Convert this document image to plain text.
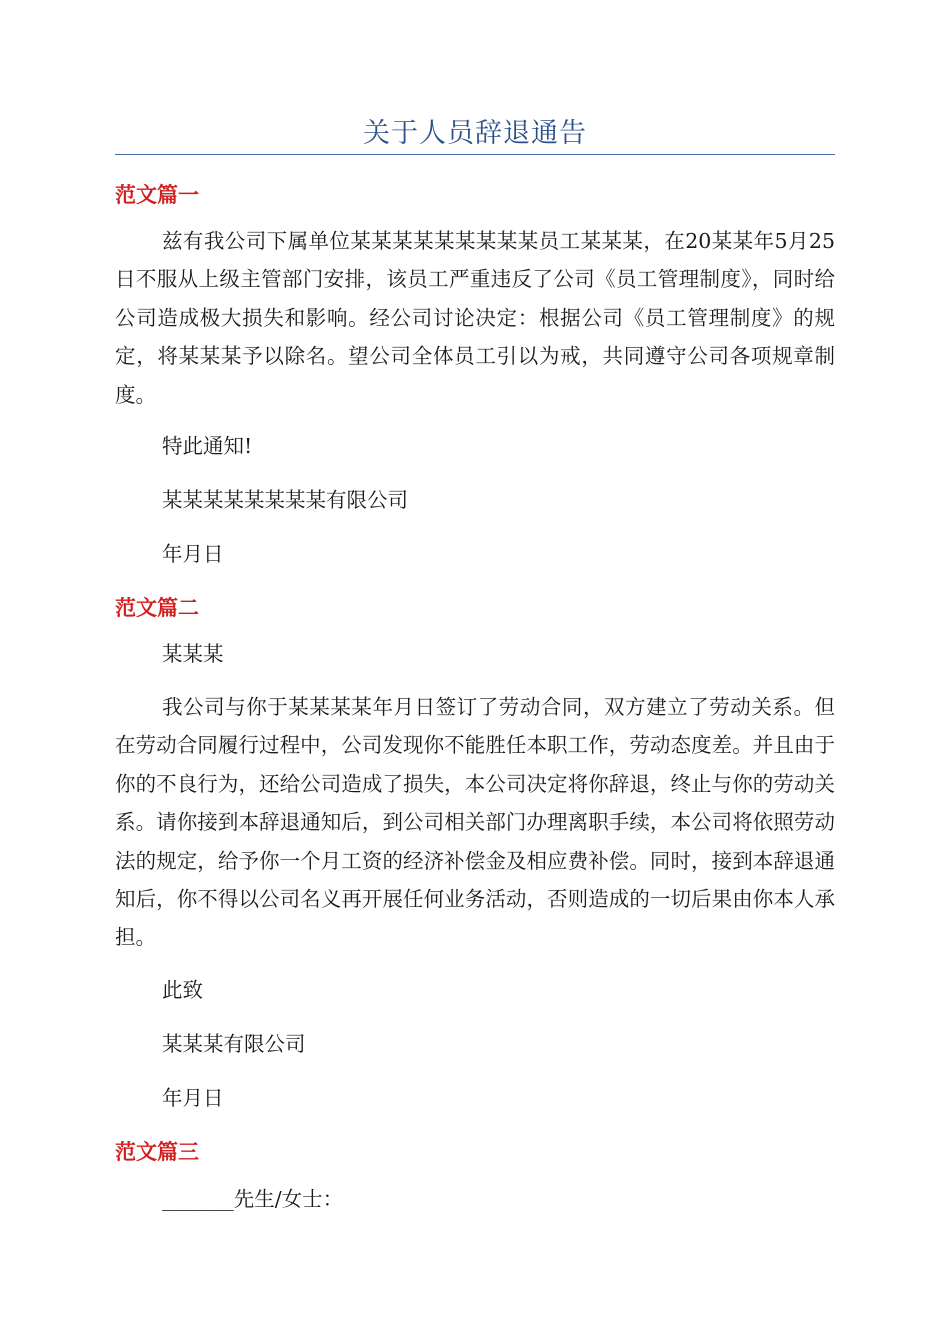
关于人员辞退通告
范文篇一
兹有我公司下属单位某某某某某某某某某员工某某某，在20某某年5月25日不服从上级主管部门安排，该员工严重违反了公司《员工管理制度》，同时给公司造成极大损失和影响。经公司讨论决定：根据公司《员工管理制度》的规定，将某某某予以除名。望公司全体员工引以为戒，共同遵守公司各项规章制度。
特此通知!
某某某某某某某某有限公司
年月日
范文篇二
某某某
我公司与你于某某某某年月日签订了劳动合同，双方建立了劳动关系。但在劳动合同履行过程中，公司发现你不能胜任本职工作，劳动态度差。并且由于你的不良行为，还给公司造成了损失，本公司决定将你辞退，终止与你的劳动关系。请你接到本辞退通知后，到公司相关部门办理离职手续，本公司将依照劳动法的规定，给予你一个月工资的经济补偿金及相应费补偿。同时，接到本辞退通知后，你不得以公司名义再开展任何业务活动，否则造成的一切后果由你本人承担。
此致
某某某有限公司
年月日
范文篇三
_______先生/女士：
